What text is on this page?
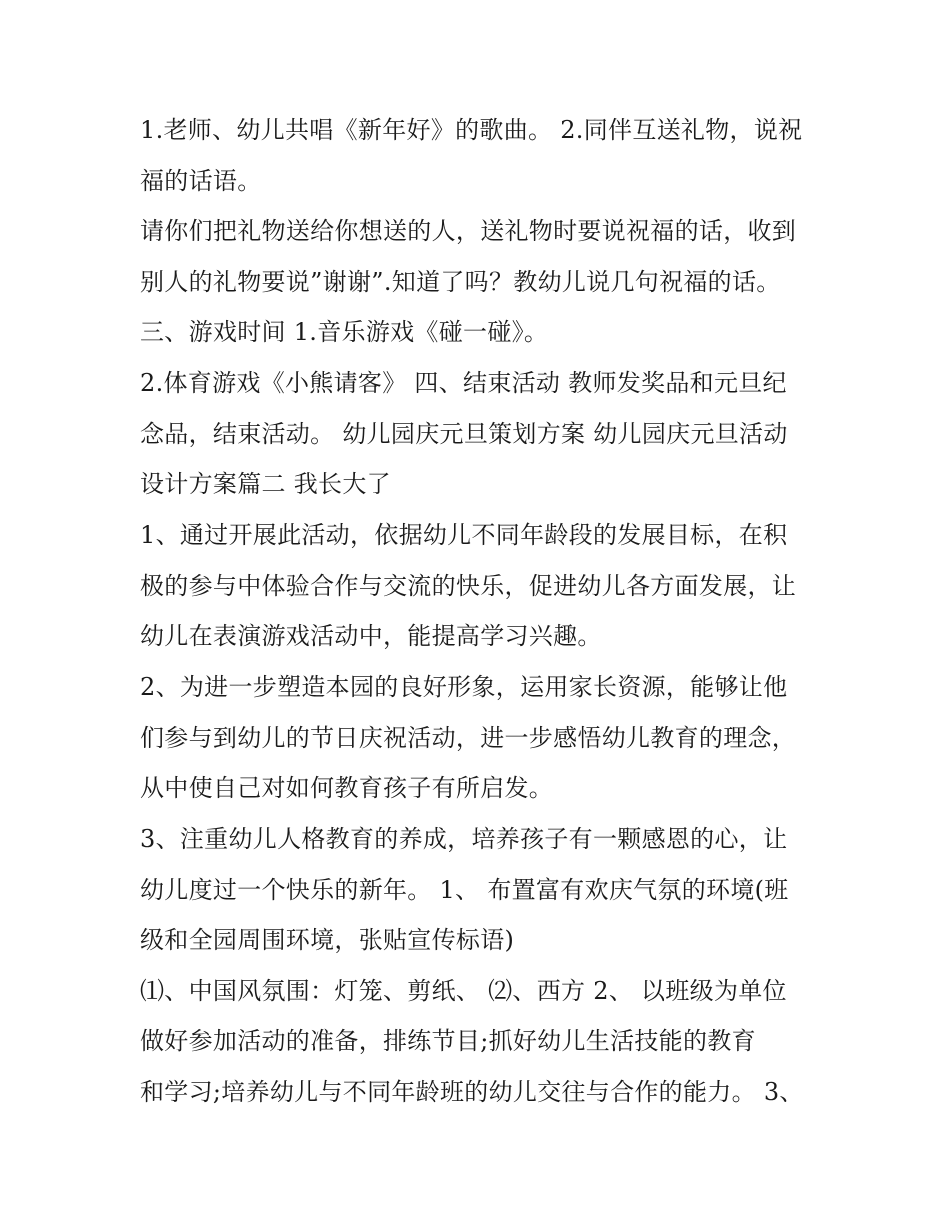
1.老师、幼儿共唱《新年好》的歌曲。 2.同伴互送礼物，说祝
福的话语。
请你们把礼物送给你想送的人，送礼物时要说祝福的话，收到
别人的礼物要说”谢谢”.知道了吗？教幼儿说几句祝福的话。
三、游戏时间 1.音乐游戏《碰一碰》。
2.体育游戏《小熊请客》 四、结束活动 教师发奖品和元旦纪
念品，结束活动。 幼儿园庆元旦策划方案 幼儿园庆元旦活动
设计方案篇二 我长大了
1、通过开展此活动，依据幼儿不同年龄段的发展目标，在积
极的参与中体验合作与交流的快乐，促进幼儿各方面发展，让
幼儿在表演游戏活动中，能提高学习兴趣。
2、为进一步塑造本园的良好形象，运用家长资源，能够让他
们参与到幼儿的节日庆祝活动，进一步感悟幼儿教育的理念，
从中使自己对如何教育孩子有所启发。
3、注重幼儿人格教育的养成，培养孩子有一颗感恩的心，让
幼儿度过一个快乐的新年。 1、 布置富有欢庆气氛的环境(班
级和全园周围环境，张贴宣传标语)
⑴、中国风氛围：灯笼、剪纸、 ⑵、西方 2、 以班级为单位
做好参加活动的准备，排练节目;抓好幼儿生活技能的教育
和学习;培养幼儿与不同年龄班的幼儿交往与合作的能力。 3、
